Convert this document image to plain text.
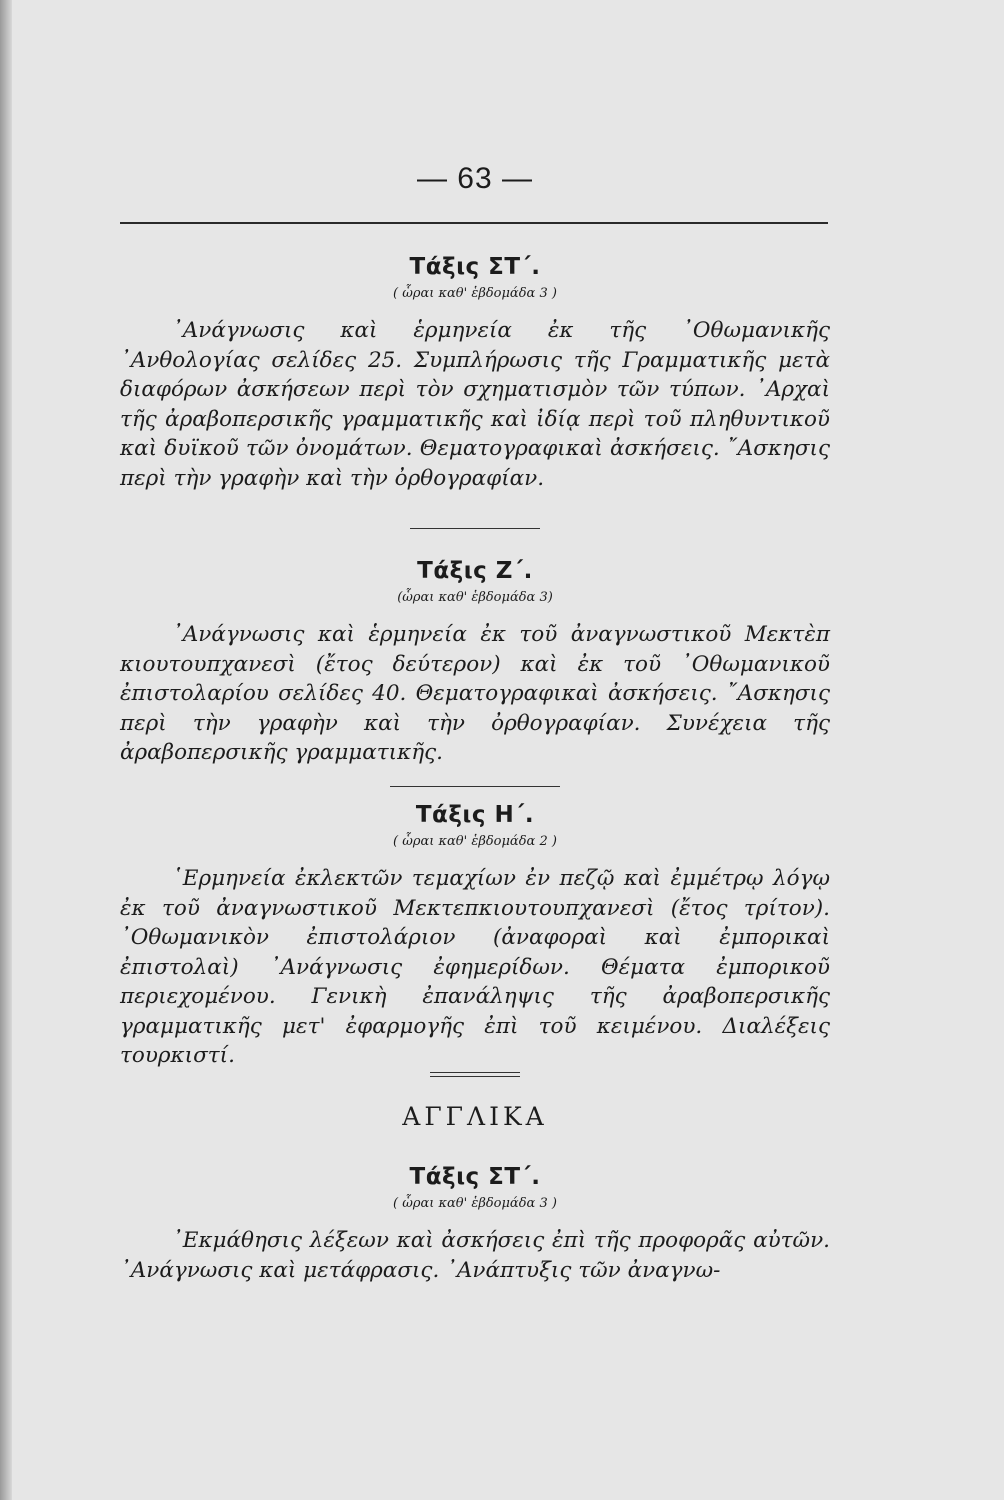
— 63 —
Τάξις ΣΤ΄.
( ὧραι καθ' ἑβδομάδα 3 )

᾿Ανάγνωσις καὶ ἑρμηνεία ἐκ τῆς ᾿Οθωμανικῆς ᾿Ανθολογίας σελίδες 25. Συμπλήρωσις τῆς Γραμματικῆς μετὰ διαφόρων ἀσκήσεων περὶ τὸν σχηματισμὸν τῶν τύπων. ᾿Αρχαὶ τῆς ἀραβοπερσικῆς γραμματικῆς καὶ ἰδίᾳ περὶ τοῦ πληθυντικοῦ καὶ δυϊκοῦ τῶν ὀνομάτων. Θεματογραφικαὶ ἀσκήσεις. ῎Ασκησις περὶ τὴν γραφὴν καὶ τὴν ὀρθογραφίαν.

Τάξις Ζ΄.
(ὧραι καθ' ἑβδομάδα 3)

᾿Ανάγνωσις καὶ ἑρμηνεία ἐκ τοῦ ἀναγνωστικοῦ Μεκτὲπ κιουτουπχανεσὶ (ἔτος δεύτερον) καὶ ἐκ τοῦ ᾿Οθωμανικοῦ ἐπιστολαρίου σελίδες 40. Θεματογραφικαὶ ἀσκήσεις. ῎Ασκησις περὶ τὴν γραφὴν καὶ τὴν ὀρθογραφίαν. Συνέχεια τῆς ἀραβοπερσικῆς γραμματικῆς.

Τάξις Η΄.
( ὧραι καθ' ἑβδομάδα 2 )

῾Ερμηνεία ἐκλεκτῶν τεμαχίων ἐν πεζῷ καὶ ἐμμέτρῳ λόγῳ ἐκ τοῦ ἀναγνωστικοῦ Μεκτεπκιουτουπχανεσὶ (ἔτος τρίτον). ᾿Οθωμανικὸν ἐπιστολάριον (ἀναφοραὶ καὶ ἐμπορικαὶ ἐπιστολαὶ) ᾿Ανάγνωσις ἐφημερίδων. Θέματα ἐμπορικοῦ περιεχομένου. Γενικὴ ἐπανάληψις τῆς ἀραβοπερσικῆς γραμματικῆς μετ' ἐφαρμογῆς ἐπὶ τοῦ κειμένου. Διαλέξεις τουρκιστί.

ΑΓΓΛΙΚΑ
Τάξις ΣΤ΄.
( ὧραι καθ' ἑβδομάδα 3 )

᾿Εκμάθησις λέξεων καὶ ἀσκήσεις ἐπὶ τῆς προφορᾶς αὐτῶν. ᾿Ανάγνωσις καὶ μετάφρασις. ᾿Ανάπτυξις τῶν ἀναγνω-
